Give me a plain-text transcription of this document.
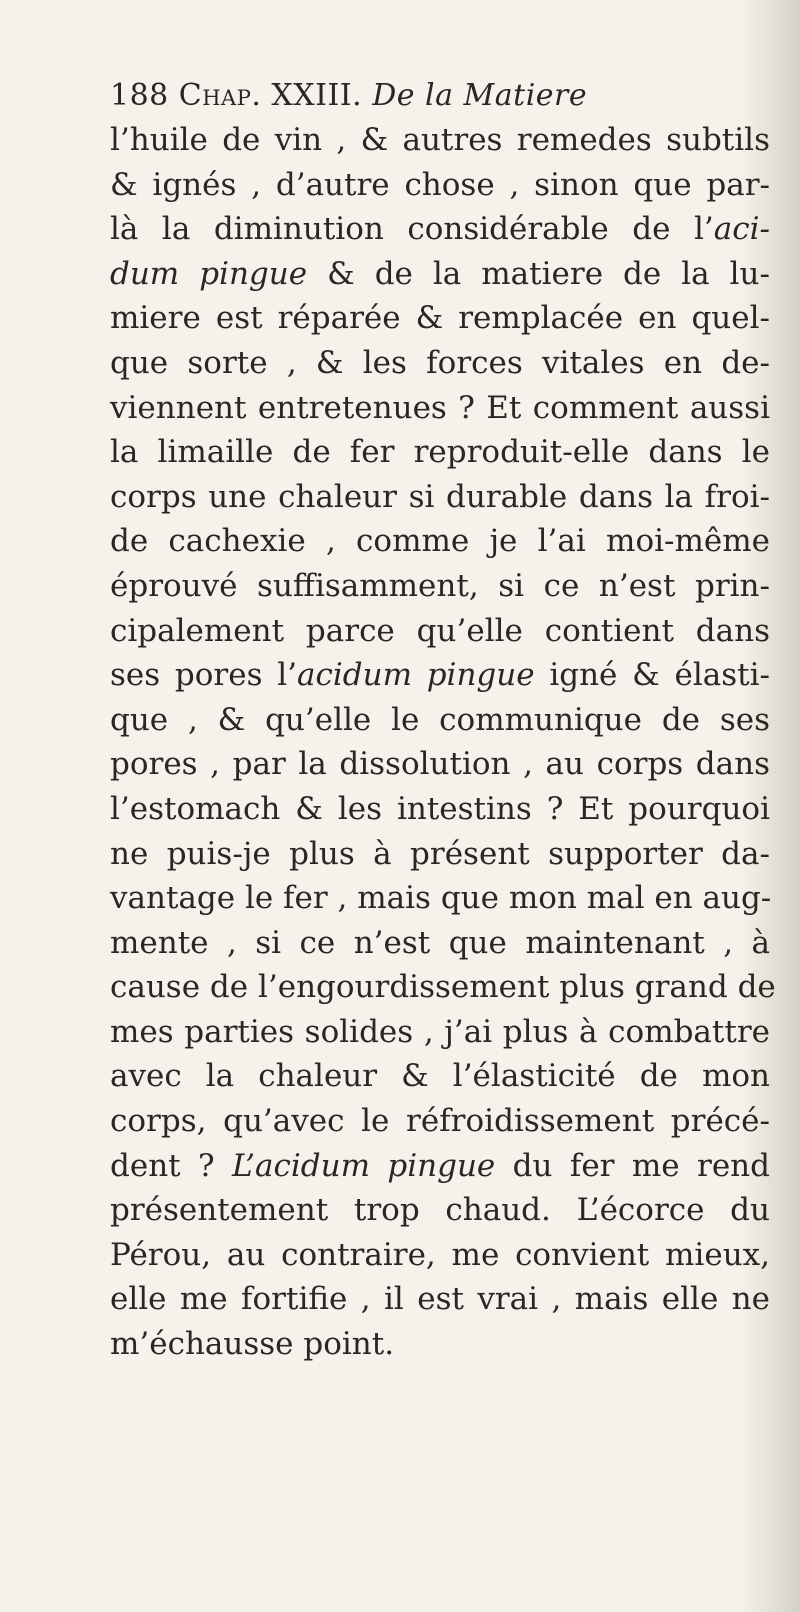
188 Chap. XXIII. De la Matiere
l’huile de vin , & autres remedes subtils
& ignés , d’autre chose , sinon que par-
là la diminution considérable de l’aci-
dum pingue & de la matiere de la lu-
miere est réparée & remplacée en quel-
que sorte , & les forces vitales en de-
viennent entretenues ? Et comment aussi
la limaille de fer reproduit-elle dans le
corps une chaleur si durable dans la froi-
de cachexie , comme je l’ai moi-même
éprouvé suffisamment, si ce n’est prin-
cipalement parce qu’elle contient dans
ses pores l’acidum pingue igné & élasti-
que , & qu’elle le communique de ses
pores , par la dissolution , au corps dans
l’estomach & les intestins ? Et pourquoi
ne puis-je plus à présent supporter da-
vantage le fer , mais que mon mal en aug-
mente , si ce n’est que maintenant , à
cause de l’engourdissement plus grand de
mes parties solides , j’ai plus à combattre
avec la chaleur & l’élasticité de mon
corps, qu’avec le réfroidissement précé-
dent ? L’acidum pingue du fer me rend
présentement trop chaud. L’écorce du
Pérou, au contraire, me convient mieux,
elle me fortifie , il est vrai , mais elle ne
m’échausse point.
